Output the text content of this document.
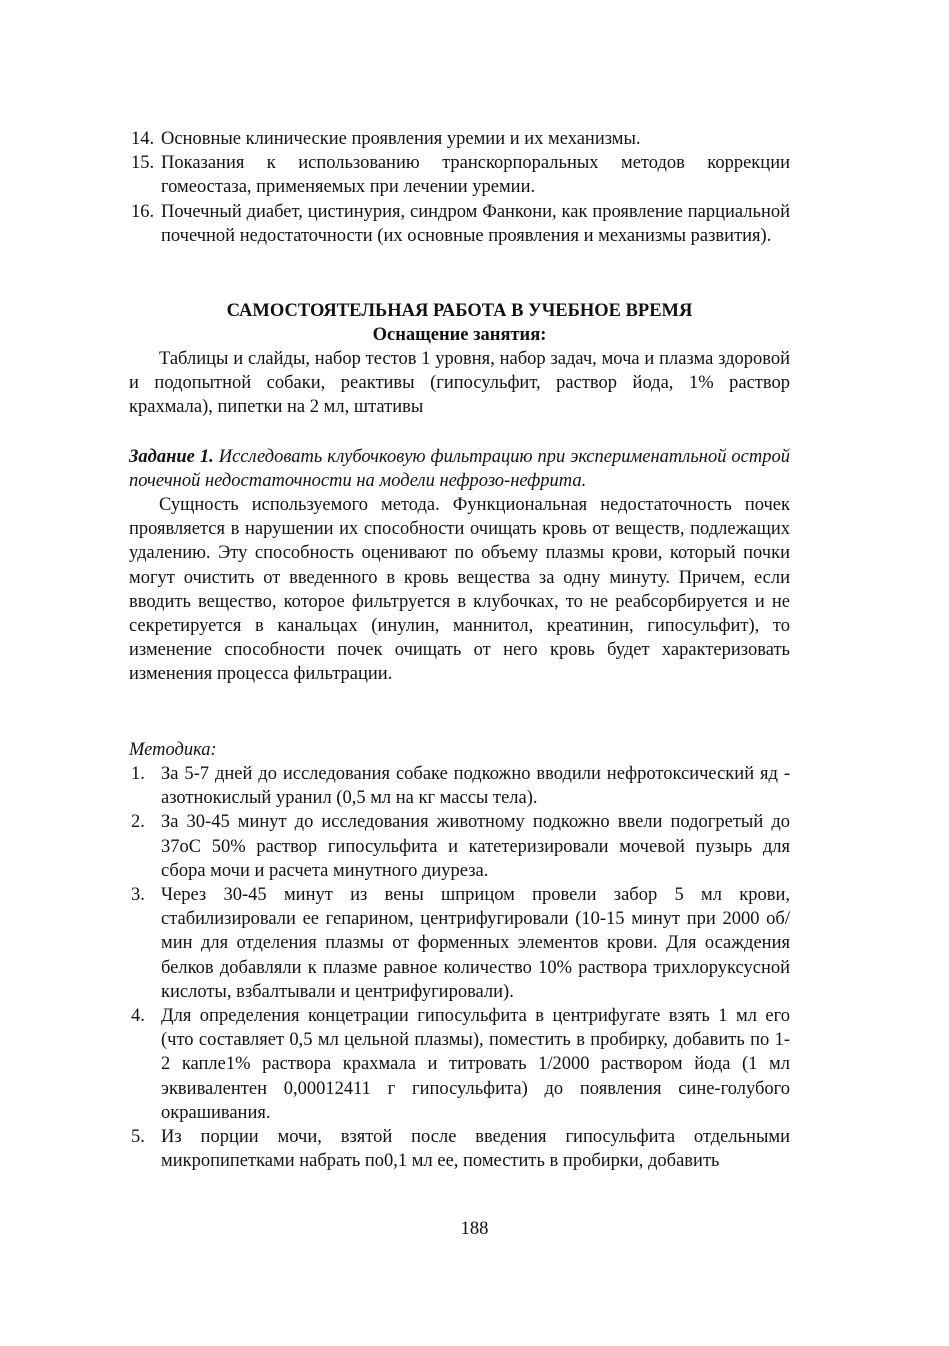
14. Основные клинические проявления уремии и их механизмы.
15. Показания к использованию транскорпоральных методов коррекции гомеостаза, применяемых при лечении уремии.
16. Почечный диабет, цистинурия, синдром Фанкони, как проявление парциальной почечной недостаточности (их основные проявления и механизмы развития).
САМОСТОЯТЕЛЬНАЯ РАБОТА В УЧЕБНОЕ ВРЕМЯ
Оснащение занятия:
Таблицы и слайды, набор тестов 1 уровня, набор задач, моча и плазма здоровой и подопытной собаки, реактивы (гипосульфит, раствор йода, 1% раствор крахмала), пипетки на 2 мл, штативы
Задание 1. Исследовать клубочковую фильтрацию при эксперименатльной острой почечной недостаточности на модели нефрозо-нефрита.
Сущность используемого метода. Функциональная недостаточность почек проявляется в нарушении их способности очищать кровь от веществ, подлежащих удалению. Эту способность оценивают по объему плазмы крови, который почки могут очистить от введенного в кровь вещества за одну минуту. Причем, если вводить вещество, которое фильтруется в клубочках, то не реабсорбируется и не секретируется в канальцах (инулин, маннитол, креатинин, гипосульфит), то изменение способности почек очищать от него кровь будет характеризовать изменения процесса фильтрации.
Методика:
1. За 5-7 дней до исследования собаке подкожно вводили нефротоксический яд - азотнокислый уранил (0,5 мл на кг массы тела).
2. За 30-45 минут до исследования животному подкожно ввели подогретый до 37оС 50% раствор гипосульфита и катетеризировали мочевой пузырь для сбора мочи и расчета минутного диуреза.
3. Через 30-45 минут из вены шприцом провели забор 5 мл крови, стабилизировали ее гепарином, центрифугировали (10-15 минут при 2000 об/мин для отделения плазмы от форменных элементов крови. Для осаждения белков добавляли к плазме равное количество 10% раствора трихлоруксусной кислоты, взбалтывали и центрифугировали).
4. Для определения концетрации гипосульфита в центрифугате взять 1 мл его (что составляет 0,5 мл цельной плазмы), поместить в пробирку, добавить по 1-2 капле1% раствора крахмала и титровать 1/2000 раствором йода (1 мл эквивалентен 0,00012411 г гипосульфита) до появления сине-голубого окрашивания.
5. Из порции мочи, взятой после введения гипосульфита отдельными микропипетками набрать по0,1 мл ее, поместить в пробирки, добавить
188
